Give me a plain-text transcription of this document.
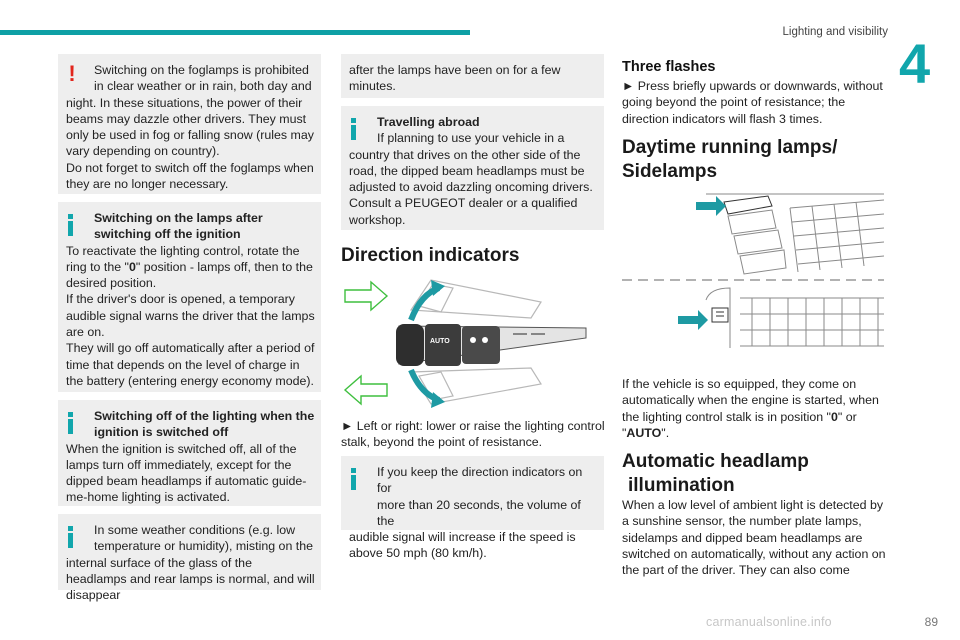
Lighting and visibility 4
!	Switching on the foglamps is prohibited

in clear weather or in rain, both day and

night. In these situations, the power of their beams may dazzle other drivers. They must only be used in fog or falling snow (rules may vary depending on country).

Do not forget to switch off the foglamps when they are no longer necessary.

Switching on the lamps after

switching off the ignition

To reactivate the lighting control, rotate the ring to the "0" position - lamps off, then to the desired position.

If the driver's door is opened, a temporary audible signal warns the driver that the lamps are on.

They will go off automatically after a period of time that depends on the level of charge in the battery (entering energy economy mode).

Switching off of the lighting when the

ignition is switched off

When the ignition is switched off, all of the lamps turn off immediately, except for the dipped beam headlamps if automatic guide-me-home lighting is activated.

In some weather conditions (e.g. low

temperature or humidity), misting on the

internal surface of the glass of the headlamps and rear lamps is normal, and will disappear

after the lamps have been on for a few minutes.

Travelling abroad

If planning to use your vehicle in a

country that drives on the other side of the road, the dipped beam headlamps must be adjusted to avoid dazzling oncoming drivers. Consult a PEUGEOT dealer or a qualified workshop.

Direction indicators
AUTO
► Left or right: lower or raise the lighting control stalk, beyond the point of resistance.

If you keep the direction indicators on for

more than 20 seconds, the volume of the

audible signal will increase if the speed is above 50 mph (80 km/h).

Three flashes
► Press briefly upwards or downwards, without going beyond the point of resistance; the direction indicators will flash 3 times.
Daytime running lamps/
Sidelamps
If the vehicle is so equipped, they come on automatically when the engine is started, when the lighting control stalk is in position "0" or "AUTO".
Automatic headlamp
illumination
When a low level of ambient light is detected by a sunshine sensor, the number plate lamps, sidelamps and dipped beam headlamps are switched on automatically, without any action on the part of the driver. They can also come
89
carmanualsonline.info
